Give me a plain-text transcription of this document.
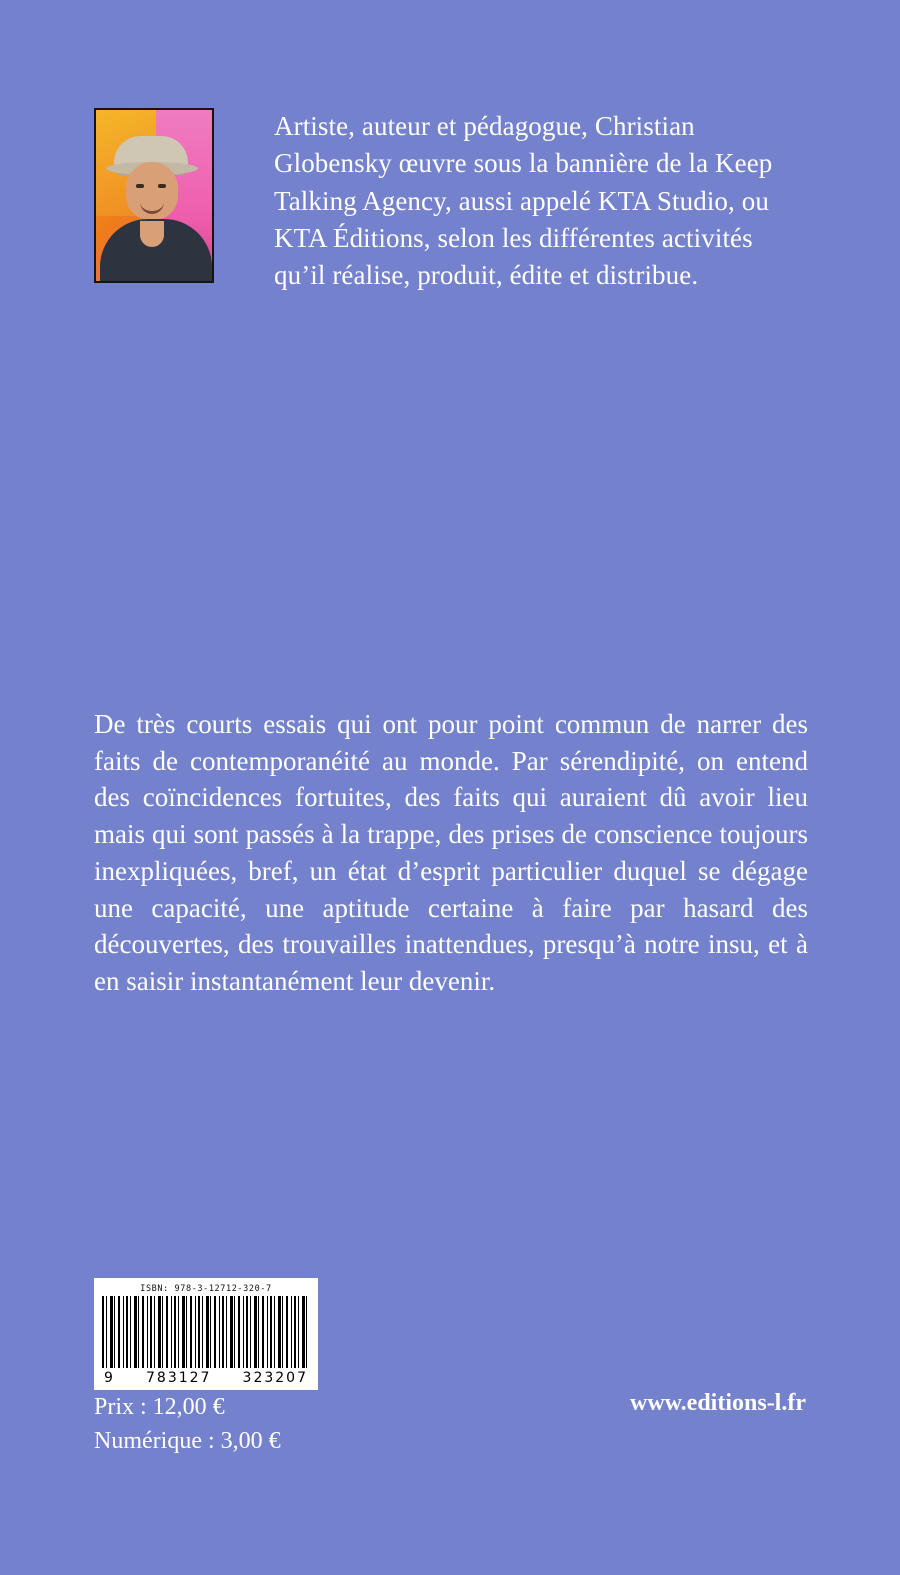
Artiste, auteur et pédagogue, Christian Globensky œuvre sous la bannière de la Keep Talking Agency, aussi appelé KTA Studio, ou KTA Éditions, selon les différentes activités qu’il réalise, produit, édite et distribue.
De très courts essais qui ont pour point commun de narrer des faits de contemporanéité au monde. Par sérendipité, on entend des coïncidences fortuites, des faits qui auraient dû avoir lieu mais qui sont passés à la trappe, des prises de conscience toujours inexpliquées, bref, un état d’esprit particulier duquel se dégage une capacité, une aptitude certaine à faire par hasard des découvertes, des trouvailles inattendues, presqu’à notre insu, et à en saisir instantanément leur devenir.
ISBN: 978-3-12712-320-7
9 783127 323207
Prix : 12,00 €
Numérique : 3,00 €
www.editions-l.fr
